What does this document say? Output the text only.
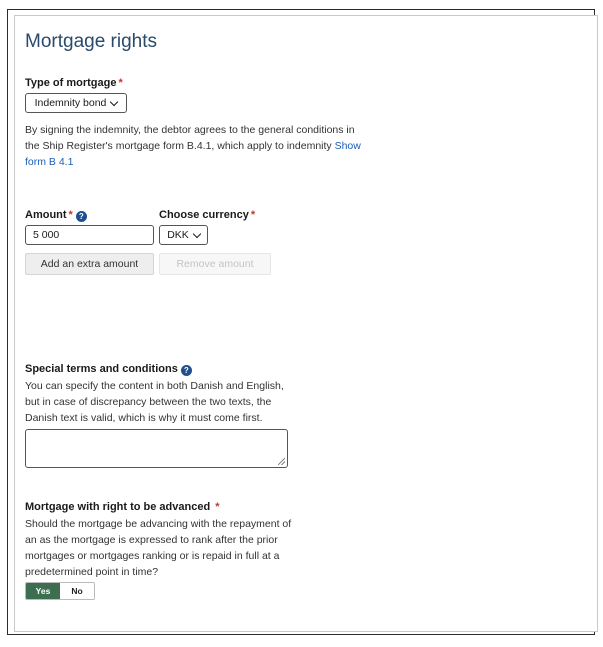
Mortgage rights
Type of mortgage *
Indemnity bond
By signing the indemnity, the debtor agrees to the general conditions in the Ship Register's mortgage form B.4.1, which apply to indemnity Show form B 4.1
Amount * ?
5 000
Choose currency *
DKK
Add an extra amount	Remove amount
Special terms and conditions ?
You can specify the content in both Danish and English, but in case of discrepancy between the two texts, the Danish text is valid, which is why it must come first.
Mortgage with right to be advanced *
Should the mortgage be advancing with the repayment of an as the mortgage is expressed to rank after the prior mortgages or mortgages ranking or is repaid in full at a predetermined point in time?
Yes	No
